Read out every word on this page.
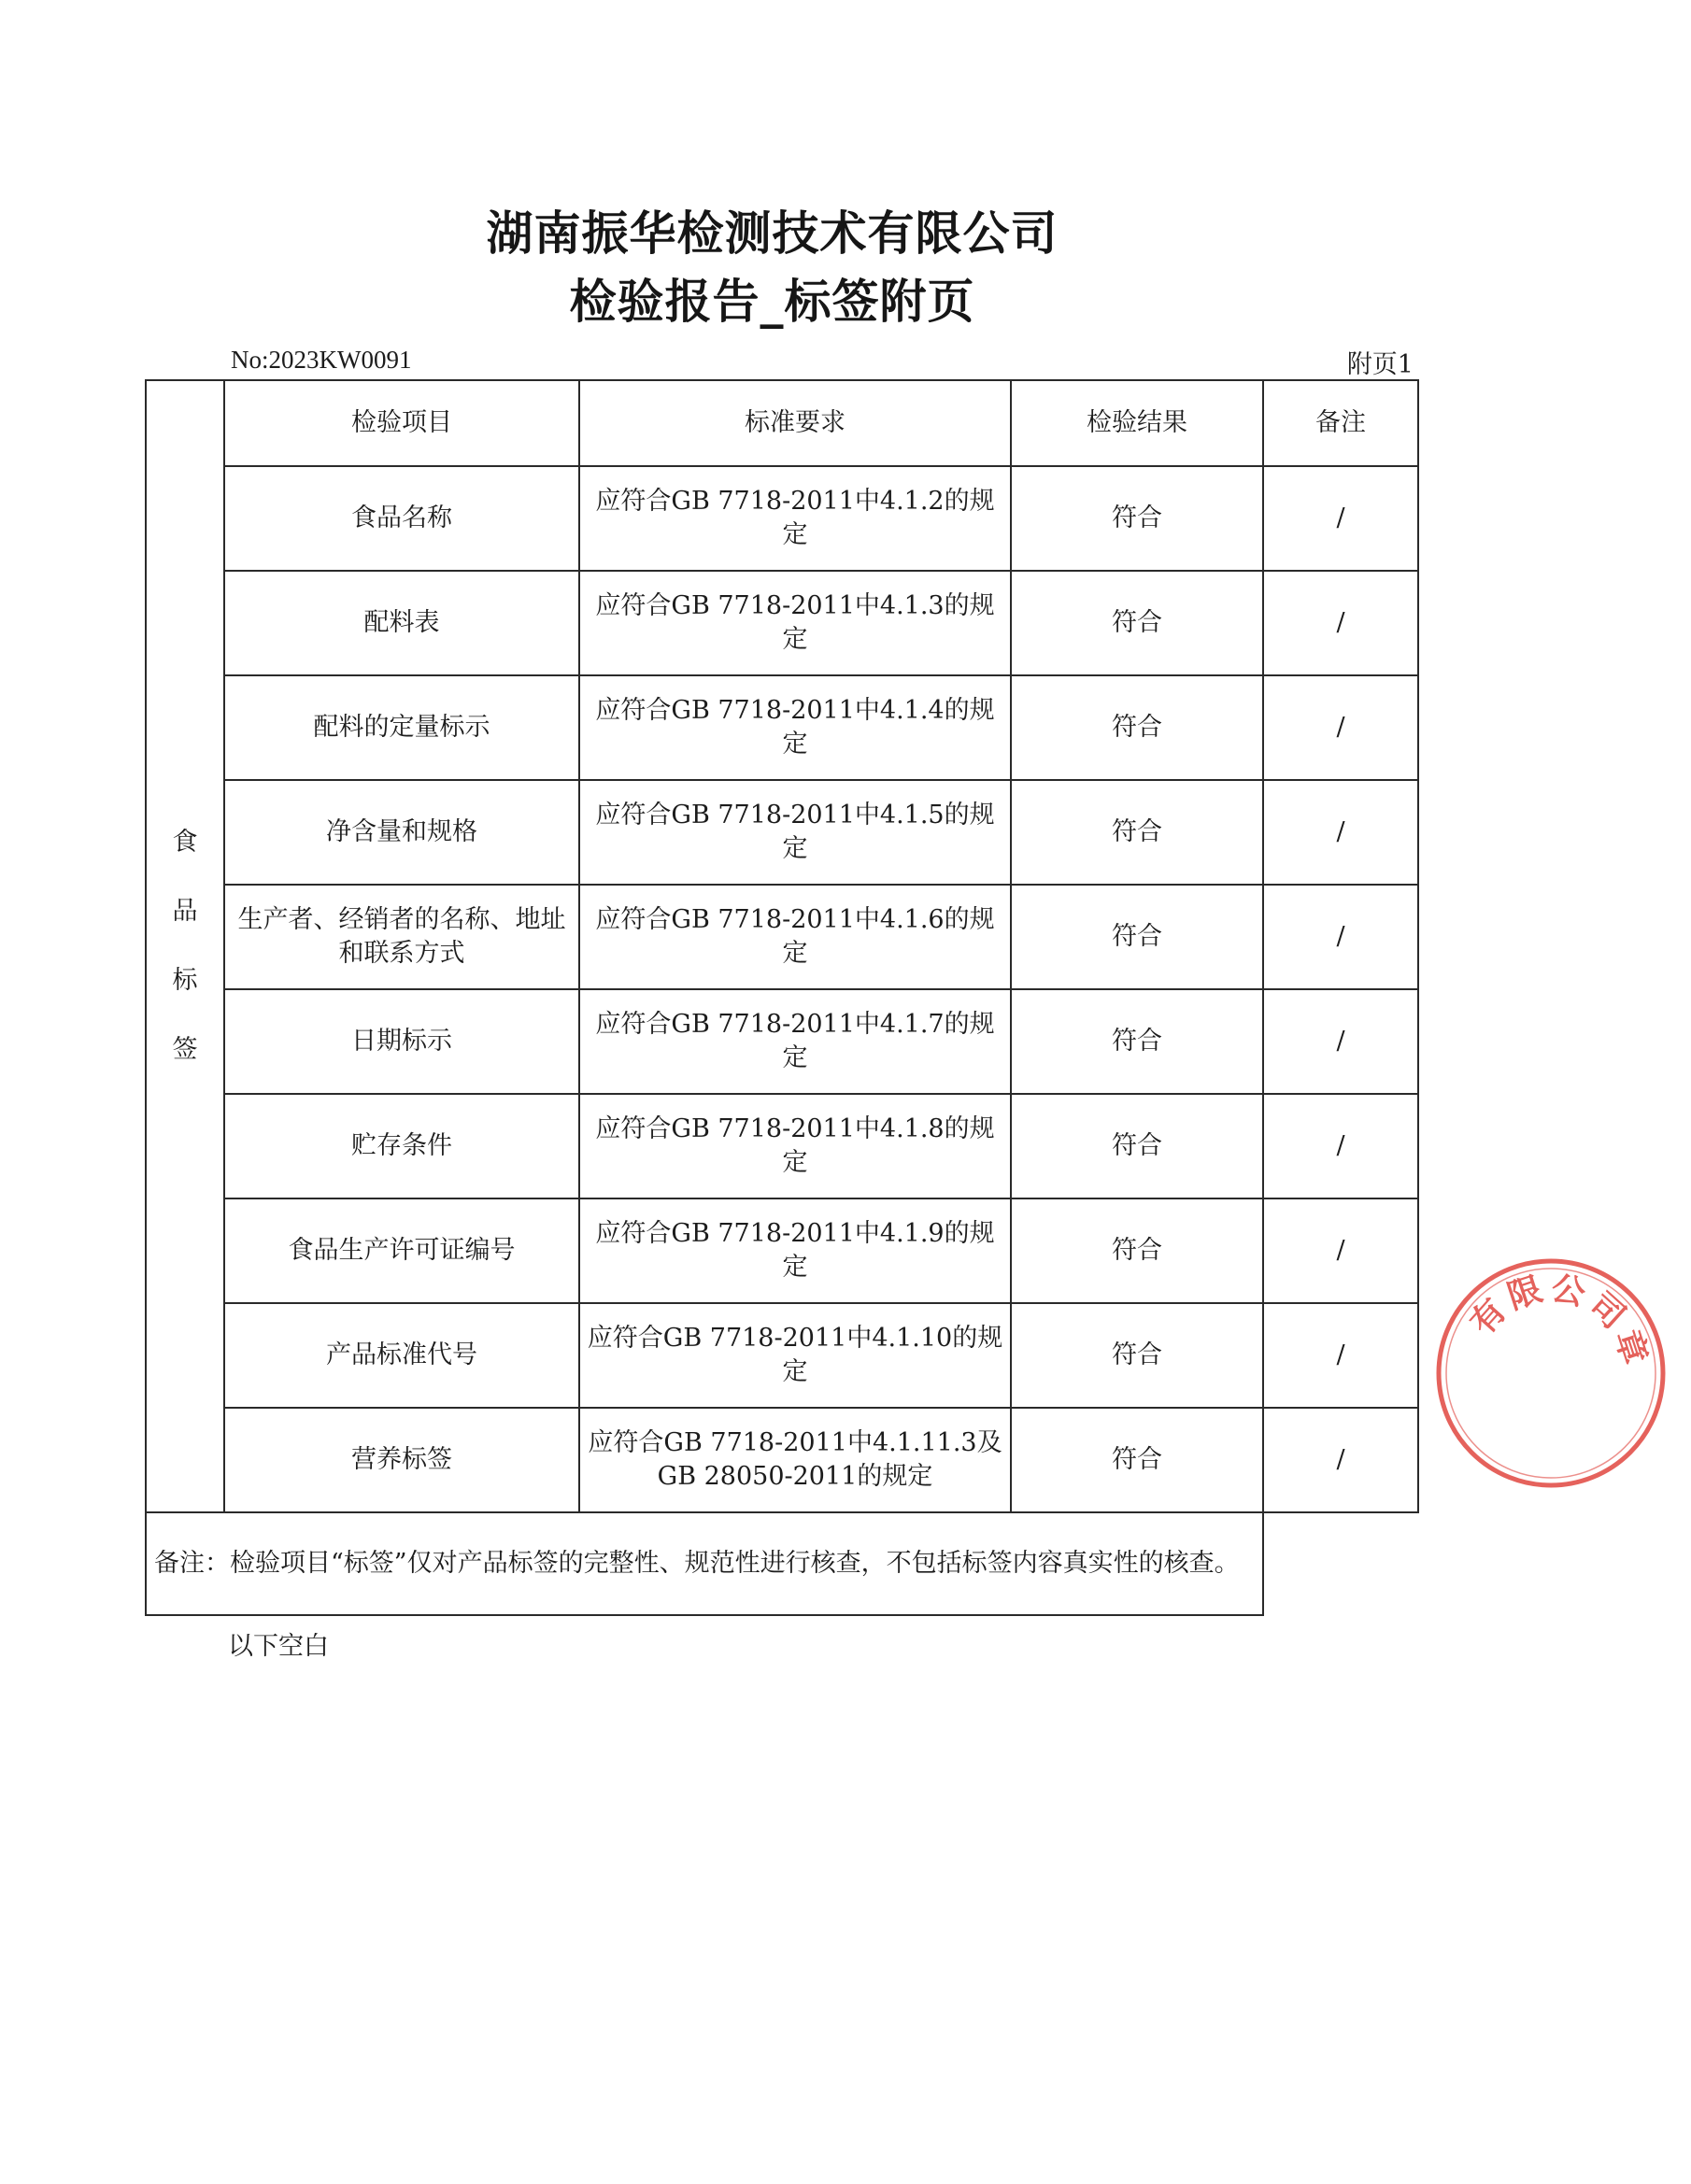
湖南振华检测技术有限公司
检验报告_标签附页
No:2023KW0091	附页1
食品标签	检验项目	标准要求	检验结果	备注
	食品名称	应符合GB 7718-2011中4.1.2的规定	符合	/
	配料表	应符合GB 7718-2011中4.1.3的规定	符合	/
	配料的定量标示	应符合GB 7718-2011中4.1.4的规定	符合	/
	净含量和规格	应符合GB 7718-2011中4.1.5的规定	符合	/
	生产者、经销者的名称、地址和联系方式	应符合GB 7718-2011中4.1.6的规定	符合	/
	日期标示	应符合GB 7718-2011中4.1.7的规定	符合	/
	贮存条件	应符合GB 7718-2011中4.1.8的规定	符合	/
	食品生产许可证编号	应符合GB 7718-2011中4.1.9的规定	符合	/
	产品标准代号	应符合GB 7718-2011中4.1.10的规定	符合	/
	营养标签	应符合GB 7718-2011中4.1.11.3及GB 28050-2011的规定	符合	/
备注：检验项目“标签”仅对产品标签的完整性、规范性进行核查，不包括标签内容真实性的核查。				
以下空白
有
限 公
司
章
